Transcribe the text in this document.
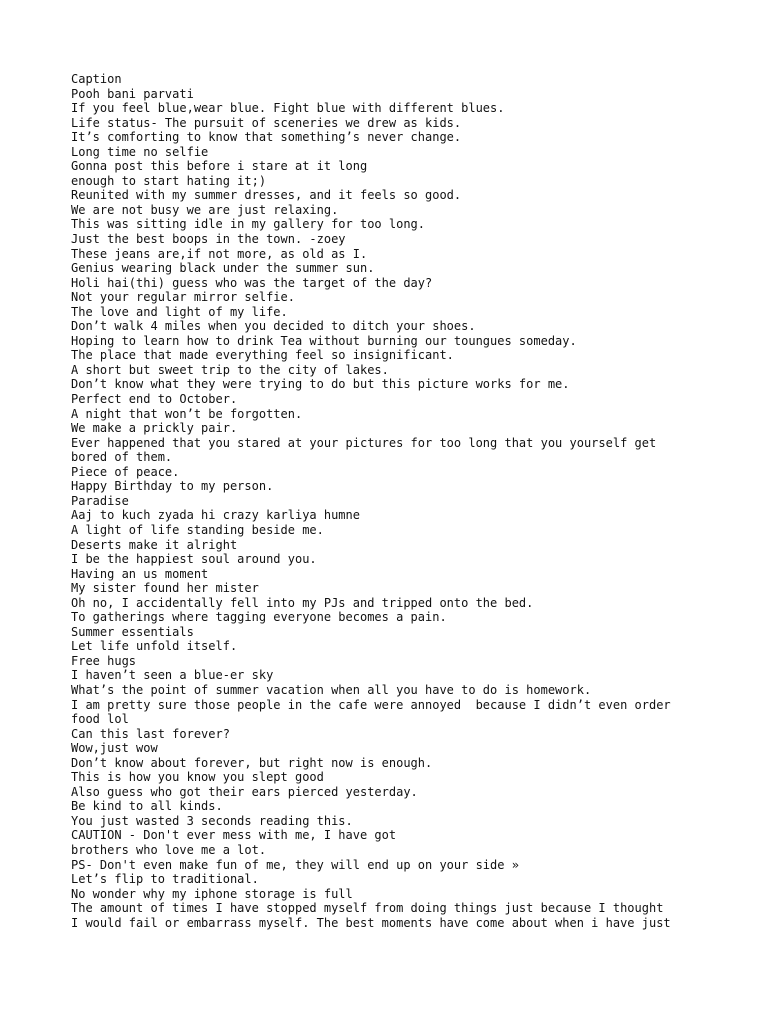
Caption
Pooh bani parvati
If you feel blue,wear blue. Fight blue with different blues.
Life status- The pursuit of sceneries we drew as kids.
It’s comforting to know that something’s never change.
Long time no selfie
Gonna post this before i stare at it long
enough to start hating it;)
Reunited with my summer dresses, and it feels so good.
We are not busy we are just relaxing.
This was sitting idle in my gallery for too long.
Just the best boops in the town. -zoey
These jeans are,if not more, as old as I.
Genius wearing black under the summer sun.
Holi hai(thi) guess who was the target of the day?
Not your regular mirror selfie.
The love and light of my life.
Don’t walk 4 miles when you decided to ditch your shoes.
Hoping to learn how to drink Tea without burning our toungues someday.
The place that made everything feel so insignificant.
A short but sweet trip to the city of lakes.
Don’t know what they were trying to do but this picture works for me.
Perfect end to October.
A night that won’t be forgotten.
We make a prickly pair.
Ever happened that you stared at your pictures for too long that you yourself get
bored of them.
Piece of peace.
Happy Birthday to my person.
Paradise
Aaj to kuch zyada hi crazy karliya humne
A light of life standing beside me.
Deserts make it alright
I be the happiest soul around you.
Having an us moment
My sister found her mister
Oh no, I accidentally fell into my PJs and tripped onto the bed.
To gatherings where tagging everyone becomes a pain.
Summer essentials
Let life unfold itself.
Free hugs
I haven’t seen a blue-er sky
What’s the point of summer vacation when all you have to do is homework.
I am pretty sure those people in the cafe were annoyed  because I didn’t even order
food lol
Can this last forever?
Wow,just wow
Don’t know about forever, but right now is enough.
This is how you know you slept good
Also guess who got their ears pierced yesterday.
Be kind to all kinds.
You just wasted 3 seconds reading this.
CAUTION - Don't ever mess with me, I have got
brothers who love me a lot.
PS- Don't even make fun of me, they will end up on your side »
Let’s flip to traditional.
No wonder why my iphone storage is full
The amount of times I have stopped myself from doing things just because I thought
I would fail or embarrass myself. The best moments have come about when i have just
